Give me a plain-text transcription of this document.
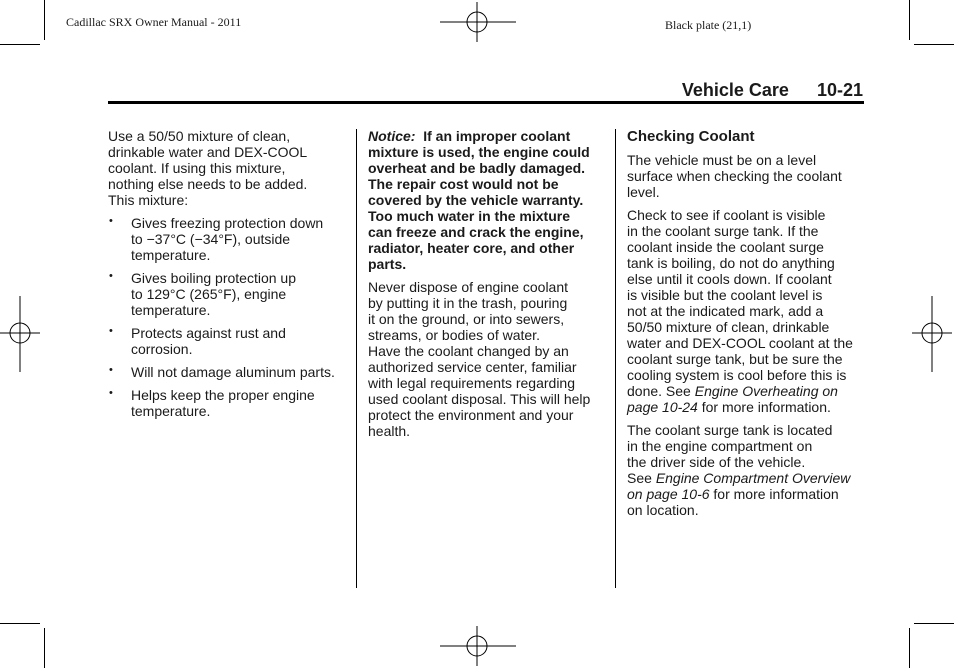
Cadillac SRX Owner Manual - 2011	Black plate (21,1)
Vehicle Care 10-21

Use a 50/50 mixture of clean,
drinkable water and DEX-COOL
coolant. If using this mixture,
nothing else needs to be added.
This mixture:

• Gives freezing protection down
to −37°C (−34°F), outside
temperature.
• Gives boiling protection up
to 129°C (265°F), engine
temperature.
• Protects against rust and
corrosion.
• Will not damage aluminum parts.
• Helps keep the proper engine
temperature.

Notice: If an improper coolant
mixture is used, the engine could
overheat and be badly damaged.
The repair cost would not be
covered by the vehicle warranty.
Too much water in the mixture
can freeze and crack the engine,
radiator, heater core, and other
parts.

Never dispose of engine coolant
by putting it in the trash, pouring
it on the ground, or into sewers,
streams, or bodies of water.
Have the coolant changed by an
authorized service center, familiar
with legal requirements regarding
used coolant disposal. This will help
protect the environment and your
health.

Checking Coolant

The vehicle must be on a level
surface when checking the coolant
level.

Check to see if coolant is visible
in the coolant surge tank. If the
coolant inside the coolant surge
tank is boiling, do not do anything
else until it cools down. If coolant
is visible but the coolant level is
not at the indicated mark, add a
50/50 mixture of clean, drinkable
water and DEX-COOL coolant at the
coolant surge tank, but be sure the
cooling system is cool before this is
done. See Engine Overheating on
page 10-24 for more information.

The coolant surge tank is located
in the engine compartment on
the driver side of the vehicle.
See Engine Compartment Overview
on page 10-6 for more information
on location.
